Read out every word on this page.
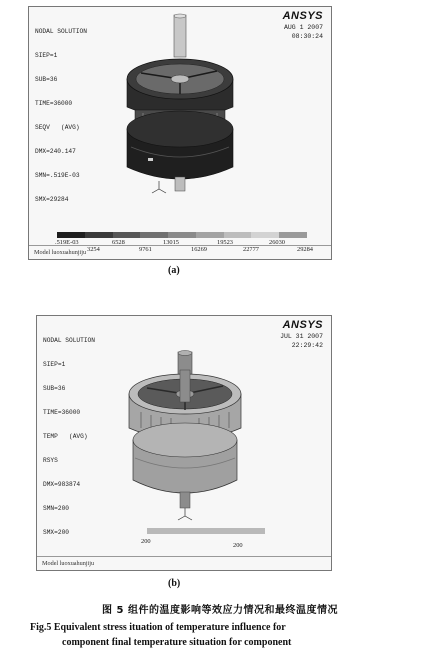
NODAL SOLUTION

SIEP=1

SUB=36

TIME=36000

SEQV   (AVG)

DMX=240.147

SMN=.519E-03

SMX=29284

ANSYS
AUG 1 2007
08:30:24
.519E-03
3254
6528
9761
13015
16269
19523
22777
26030
29284
Model luoxuahunjiju
(a)

NODAL SOLUTION

SIEP=1

SUB=36

TIME=36000

TEMP   (AVG)

RSYS

DMX=983874

SMN=200

SMX=200

ANSYS
JUL 31 2007
22:29:42
200
200
Model luoxuahunjiju
(b)
图 5 组件的温度影响等效应力情况和最终温度情况
Fig.5 Equivalent stress ituation of temperature influence for
component final temperature situation for component
